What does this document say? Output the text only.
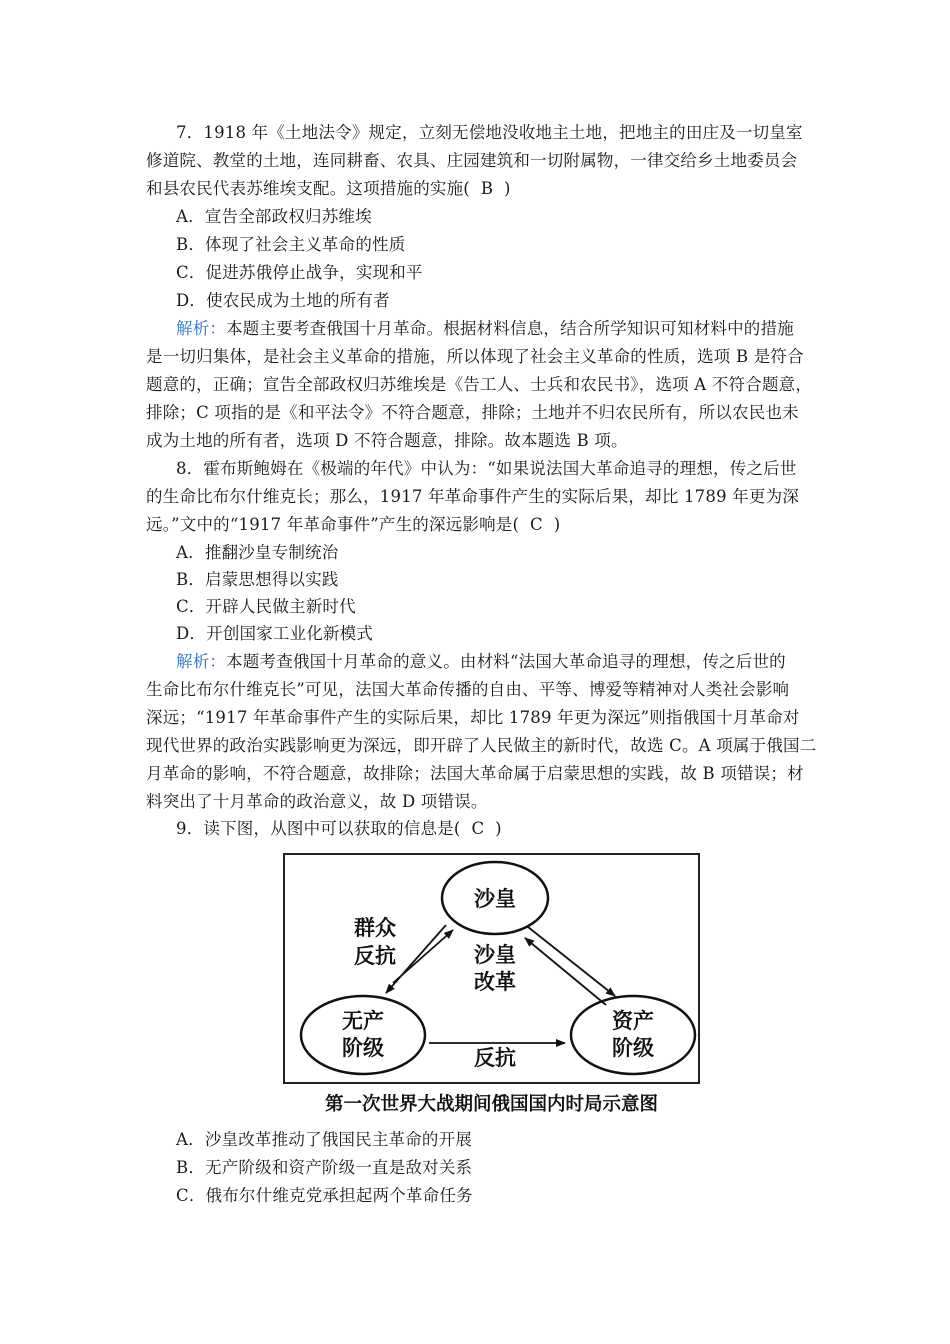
7．1918 年《土地法令》规定，立刻无偿地没收地主土地，把地主的田庄及一切皇室
修道院、教堂的土地，连同耕畜、农具、庄园建筑和一切附属物，一律交给乡土地委员会
和县农民代表苏维埃支配。这项措施的实施( B )
A．宣告全部政权归苏维埃
B．体现了社会主义革命的性质
C．促进苏俄停止战争，实现和平
D．使农民成为土地的所有者
解析：本题主要考查俄国十月革命。根据材料信息，结合所学知识可知材料中的措施
是一切归集体，是社会主义革命的措施，所以体现了社会主义革命的性质，选项 B 是符合
题意的，正确；宣告全部政权归苏维埃是《告工人、士兵和农民书》，选项 A 不符合题意，
排除；C 项指的是《和平法令》不符合题意，排除；土地并不归农民所有，所以农民也未
成为土地的所有者，选项 D 不符合题意，排除。故本题选 B 项。
8．霍布斯鲍姆在《极端的年代》中认为：“如果说法国大革命追寻的理想，传之后世
的生命比布尔什维克长；那么，1917 年革命事件产生的实际后果，却比 1789 年更为深
远。”文中的“1917 年革命事件”产生的深远影响是( C )
A．推翻沙皇专制统治
B．启蒙思想得以实践
C．开辟人民做主新时代
D．开创国家工业化新模式
解析：本题考查俄国十月革命的意义。由材料“法国大革命追寻的理想，传之后世的
生命比布尔什维克长”可见，法国大革命传播的自由、平等、博爱等精神对人类社会影响
深远；“1917 年革命事件产生的实际后果，却比 1789 年更为深远”则指俄国十月革命对
现代世界的政治实践影响更为深远，即开辟了人民做主的新时代，故选 C。A 项属于俄国二
月革命的影响，不符合题意，故排除；法国大革命属于启蒙思想的实践，故 B 项错误；材
料突出了十月革命的政治意义，故 D 项错误。
9．读下图，从图中可以获取的信息是( C )
沙皇
无产
阶级
资产
阶级
群众
反抗	沙皇
改革
反抗
第一次世界大战期间俄国国内时局示意图
A．沙皇改革推动了俄国民主革命的开展
B．无产阶级和资产阶级一直是敌对关系
C．俄布尔什维克党承担起两个革命任务
